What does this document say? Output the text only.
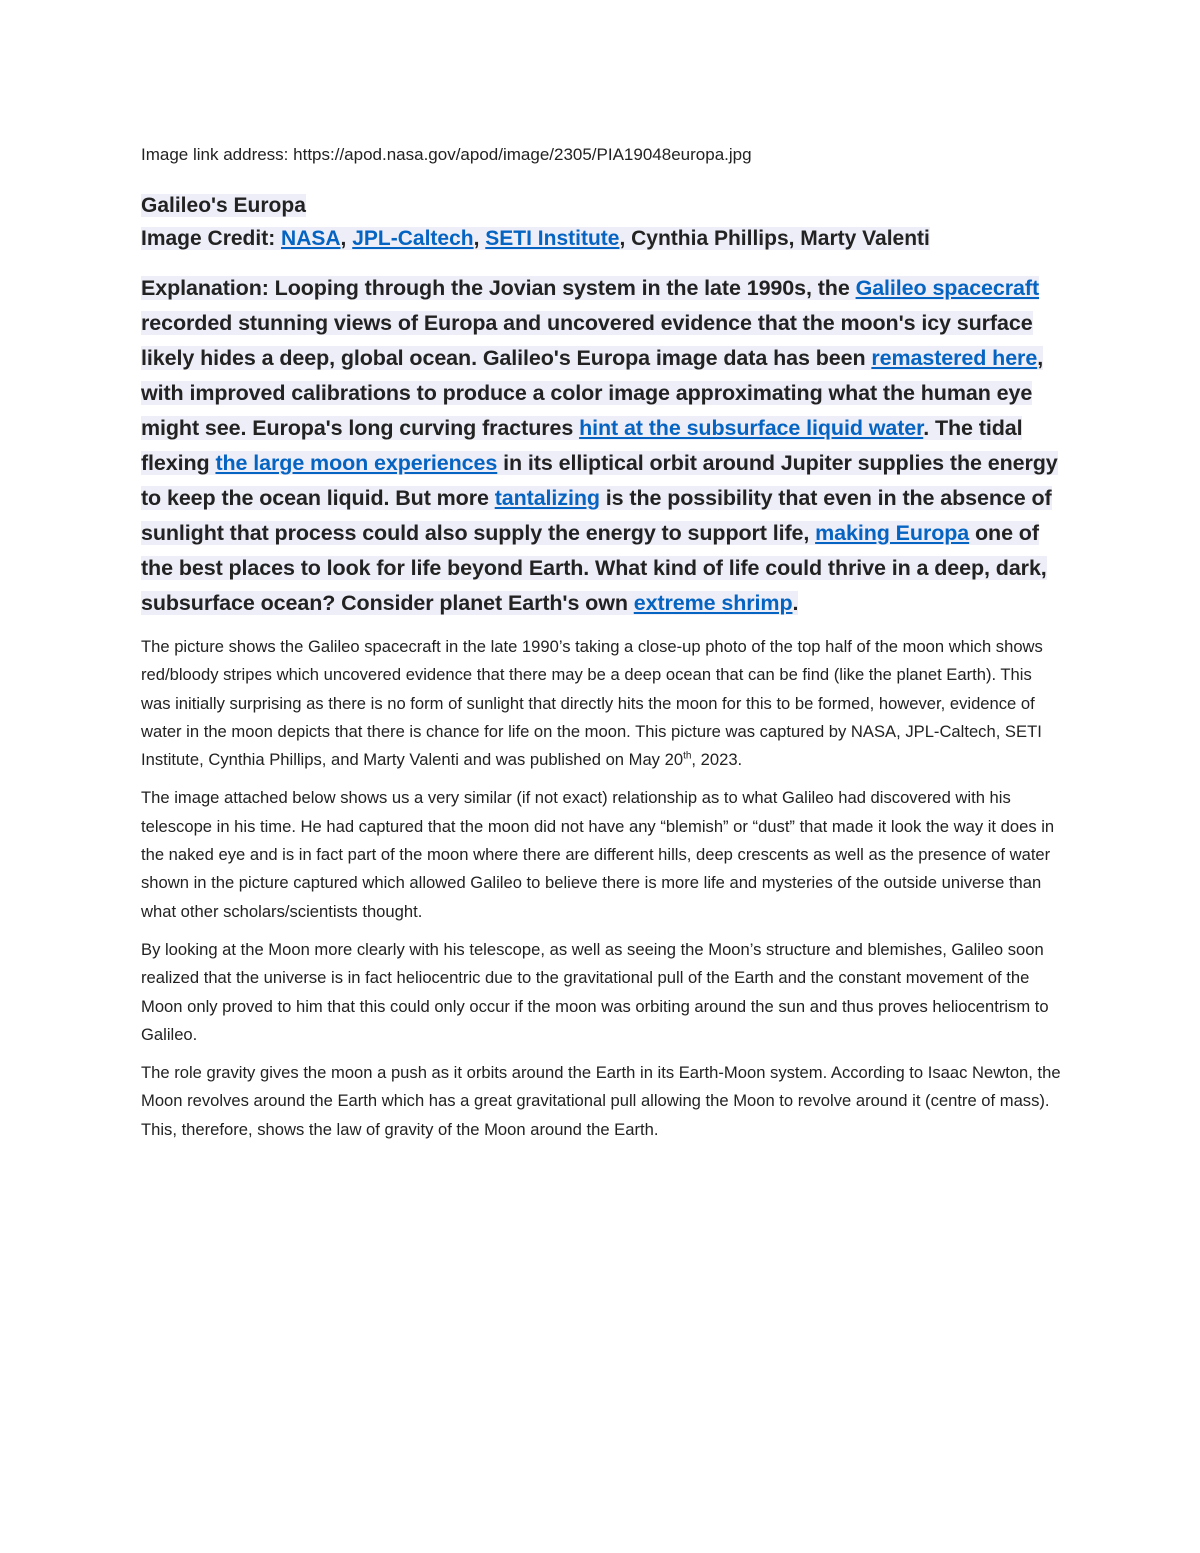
Image link address: https://apod.nasa.gov/apod/image/2305/PIA19048europa.jpg

Galileo's Europa
Image Credit: NASA, JPL-Caltech, SETI Institute, Cynthia Phillips, Marty Valenti

Explanation: Looping through the Jovian system in the late 1990s, the Galileo spacecraft recorded stunning views of Europa and uncovered evidence that the moon's icy surface likely hides a deep, global ocean. Galileo's Europa image data has been remastered here, with improved calibrations to produce a color image approximating what the human eye might see. Europa's long curving fractures hint at the subsurface liquid water. The tidal flexing the large moon experiences in its elliptical orbit around Jupiter supplies the energy to keep the ocean liquid. But more tantalizing is the possibility that even in the absence of sunlight that process could also supply the energy to support life, making Europa one of the best places to look for life beyond Earth. What kind of life could thrive in a deep, dark, subsurface ocean? Consider planet Earth's own extreme shrimp.

The picture shows the Galileo spacecraft in the late 1990’s taking a close-up photo of the top half of the moon which shows red/bloody stripes which uncovered evidence that there may be a deep ocean that can be find (like the planet Earth). This was initially surprising as there is no form of sunlight that directly hits the moon for this to be formed, however, evidence of water in the moon depicts that there is chance for life on the moon. This picture was captured by NASA, JPL-Caltech, SETI Institute, Cynthia Phillips, and Marty Valenti and was published on May 20th, 2023.

The image attached below shows us a very similar (if not exact) relationship as to what Galileo had discovered with his telescope in his time. He had captured that the moon did not have any “blemish” or “dust” that made it look the way it does in the naked eye and is in fact part of the moon where there are different hills, deep crescents as well as the presence of water shown in the picture captured which allowed Galileo to believe there is more life and mysteries of the outside universe than what other scholars/scientists thought.

By looking at the Moon more clearly with his telescope, as well as seeing the Moon’s structure and blemishes, Galileo soon realized that the universe is in fact heliocentric due to the gravitational pull of the Earth and the constant movement of the Moon only proved to him that this could only occur if the moon was orbiting around the sun and thus proves heliocentrism to Galileo.

The role gravity gives the moon a push as it orbits around the Earth in its Earth-Moon system. According to Isaac Newton, the Moon revolves around the Earth which has a great gravitational pull allowing the Moon to revolve around it (centre of mass). This, therefore, shows the law of gravity of the Moon around the Earth.
